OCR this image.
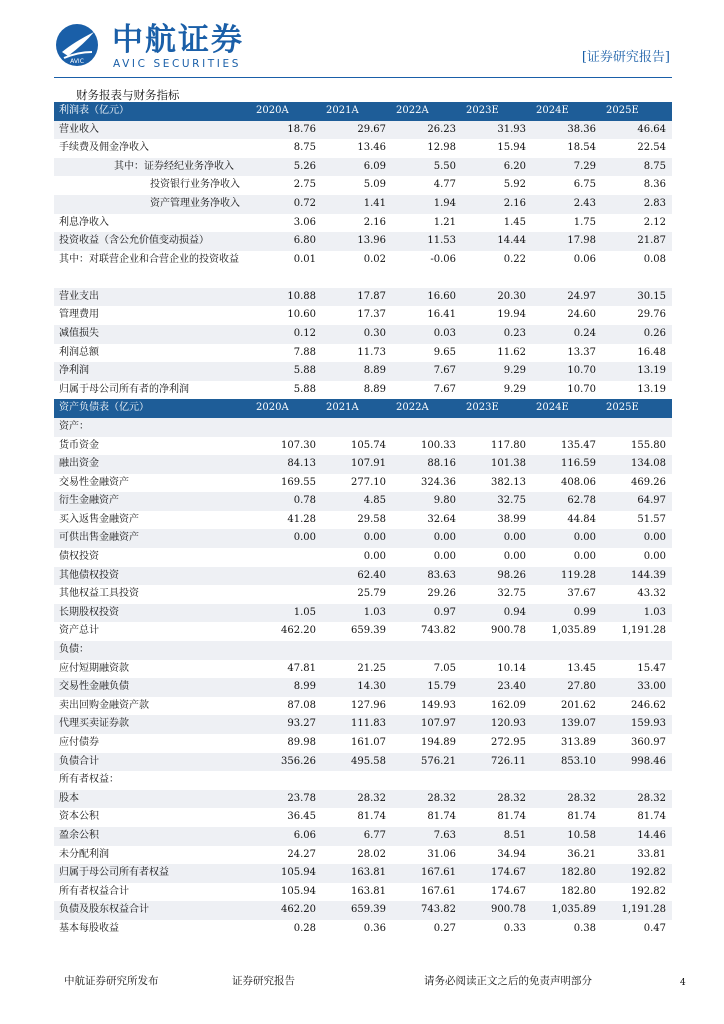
AVIC
中航证券
AVIC SECURITIES	[证券研究报告]
财务报表与财务指标
利润表（亿元）	2020A	2021A	2022A	2023E	2024E	2025E
营业收入	18.76	29.67	26.23	31.93	38.36	46.64
手续费及佣金净收入	8.75	13.46	12.98	15.94	18.54	22.54
其中：证券经纪业务净收入	5.26	6.09	5.50	6.20	7.29	8.75
投资银行业务净收入	2.75	5.09	4.77	5.92	6.75	8.36
资产管理业务净收入	0.72	1.41	1.94	2.16	2.43	2.83
利息净收入	3.06	2.16	1.21	1.45	1.75	2.12
投资收益（含公允价值变动损益）	6.80	13.96	11.53	14.44	17.98	21.87
其中：对联营企业和合营企业的投资收益	0.01	0.02	-0.06	0.22	0.06	0.08
营业支出	10.88	17.87	16.60	20.30	24.97	30.15
管理费用	10.60	17.37	16.41	19.94	24.60	29.76
减值损失	0.12	0.30	0.03	0.23	0.24	0.26
利润总额	7.88	11.73	9.65	11.62	13.37	16.48
净利润	5.88	8.89	7.67	9.29	10.70	13.19
归属于母公司所有者的净利润	5.88	8.89	7.67	9.29	10.70	13.19
资产负债表（亿元）	2020A	2021A	2022A	2023E	2024E	2025E
资产：						
货币资金	107.30	105.74	100.33	117.80	135.47	155.80
融出资金	84.13	107.91	88.16	101.38	116.59	134.08
交易性金融资产	169.55	277.10	324.36	382.13	408.06	469.26
衍生金融资产	0.78	4.85	9.80	32.75	62.78	64.97
买入返售金融资产	41.28	29.58	32.64	38.99	44.84	51.57
可供出售金融资产	0.00	0.00	0.00	0.00	0.00	0.00
债权投资		0.00	0.00	0.00	0.00	0.00
其他债权投资		62.40	83.63	98.26	119.28	144.39
其他权益工具投资		25.79	29.26	32.75	37.67	43.32
长期股权投资	1.05	1.03	0.97	0.94	0.99	1.03
资产总计	462.20	659.39	743.82	900.78	1,035.89	1,191.28
负债：						
应付短期融资款	47.81	21.25	7.05	10.14	13.45	15.47
交易性金融负债	8.99	14.30	15.79	23.40	27.80	33.00
卖出回购金融资产款	87.08	127.96	149.93	162.09	201.62	246.62
代理买卖证券款	93.27	111.83	107.97	120.93	139.07	159.93
应付债券	89.98	161.07	194.89	272.95	313.89	360.97
负债合计	356.26	495.58	576.21	726.11	853.10	998.46
所有者权益：						
股本	23.78	28.32	28.32	28.32	28.32	28.32
资本公积	36.45	81.74	81.74	81.74	81.74	81.74
盈余公积	6.06	6.77	7.63	8.51	10.58	14.46
未分配利润	24.27	28.02	31.06	34.94	36.21	33.81
归属于母公司所有者权益	105.94	163.81	167.61	174.67	182.80	192.82
所有者权益合计	105.94	163.81	167.61	174.67	182.80	192.82
负债及股东权益合计	462.20	659.39	743.82	900.78	1,035.89	1,191.28
基本每股收益	0.28	0.36	0.27	0.33	0.38	0.47
中航证券研究所发布	证券研究报告	请务必阅读正文之后的免责声明部分	4
